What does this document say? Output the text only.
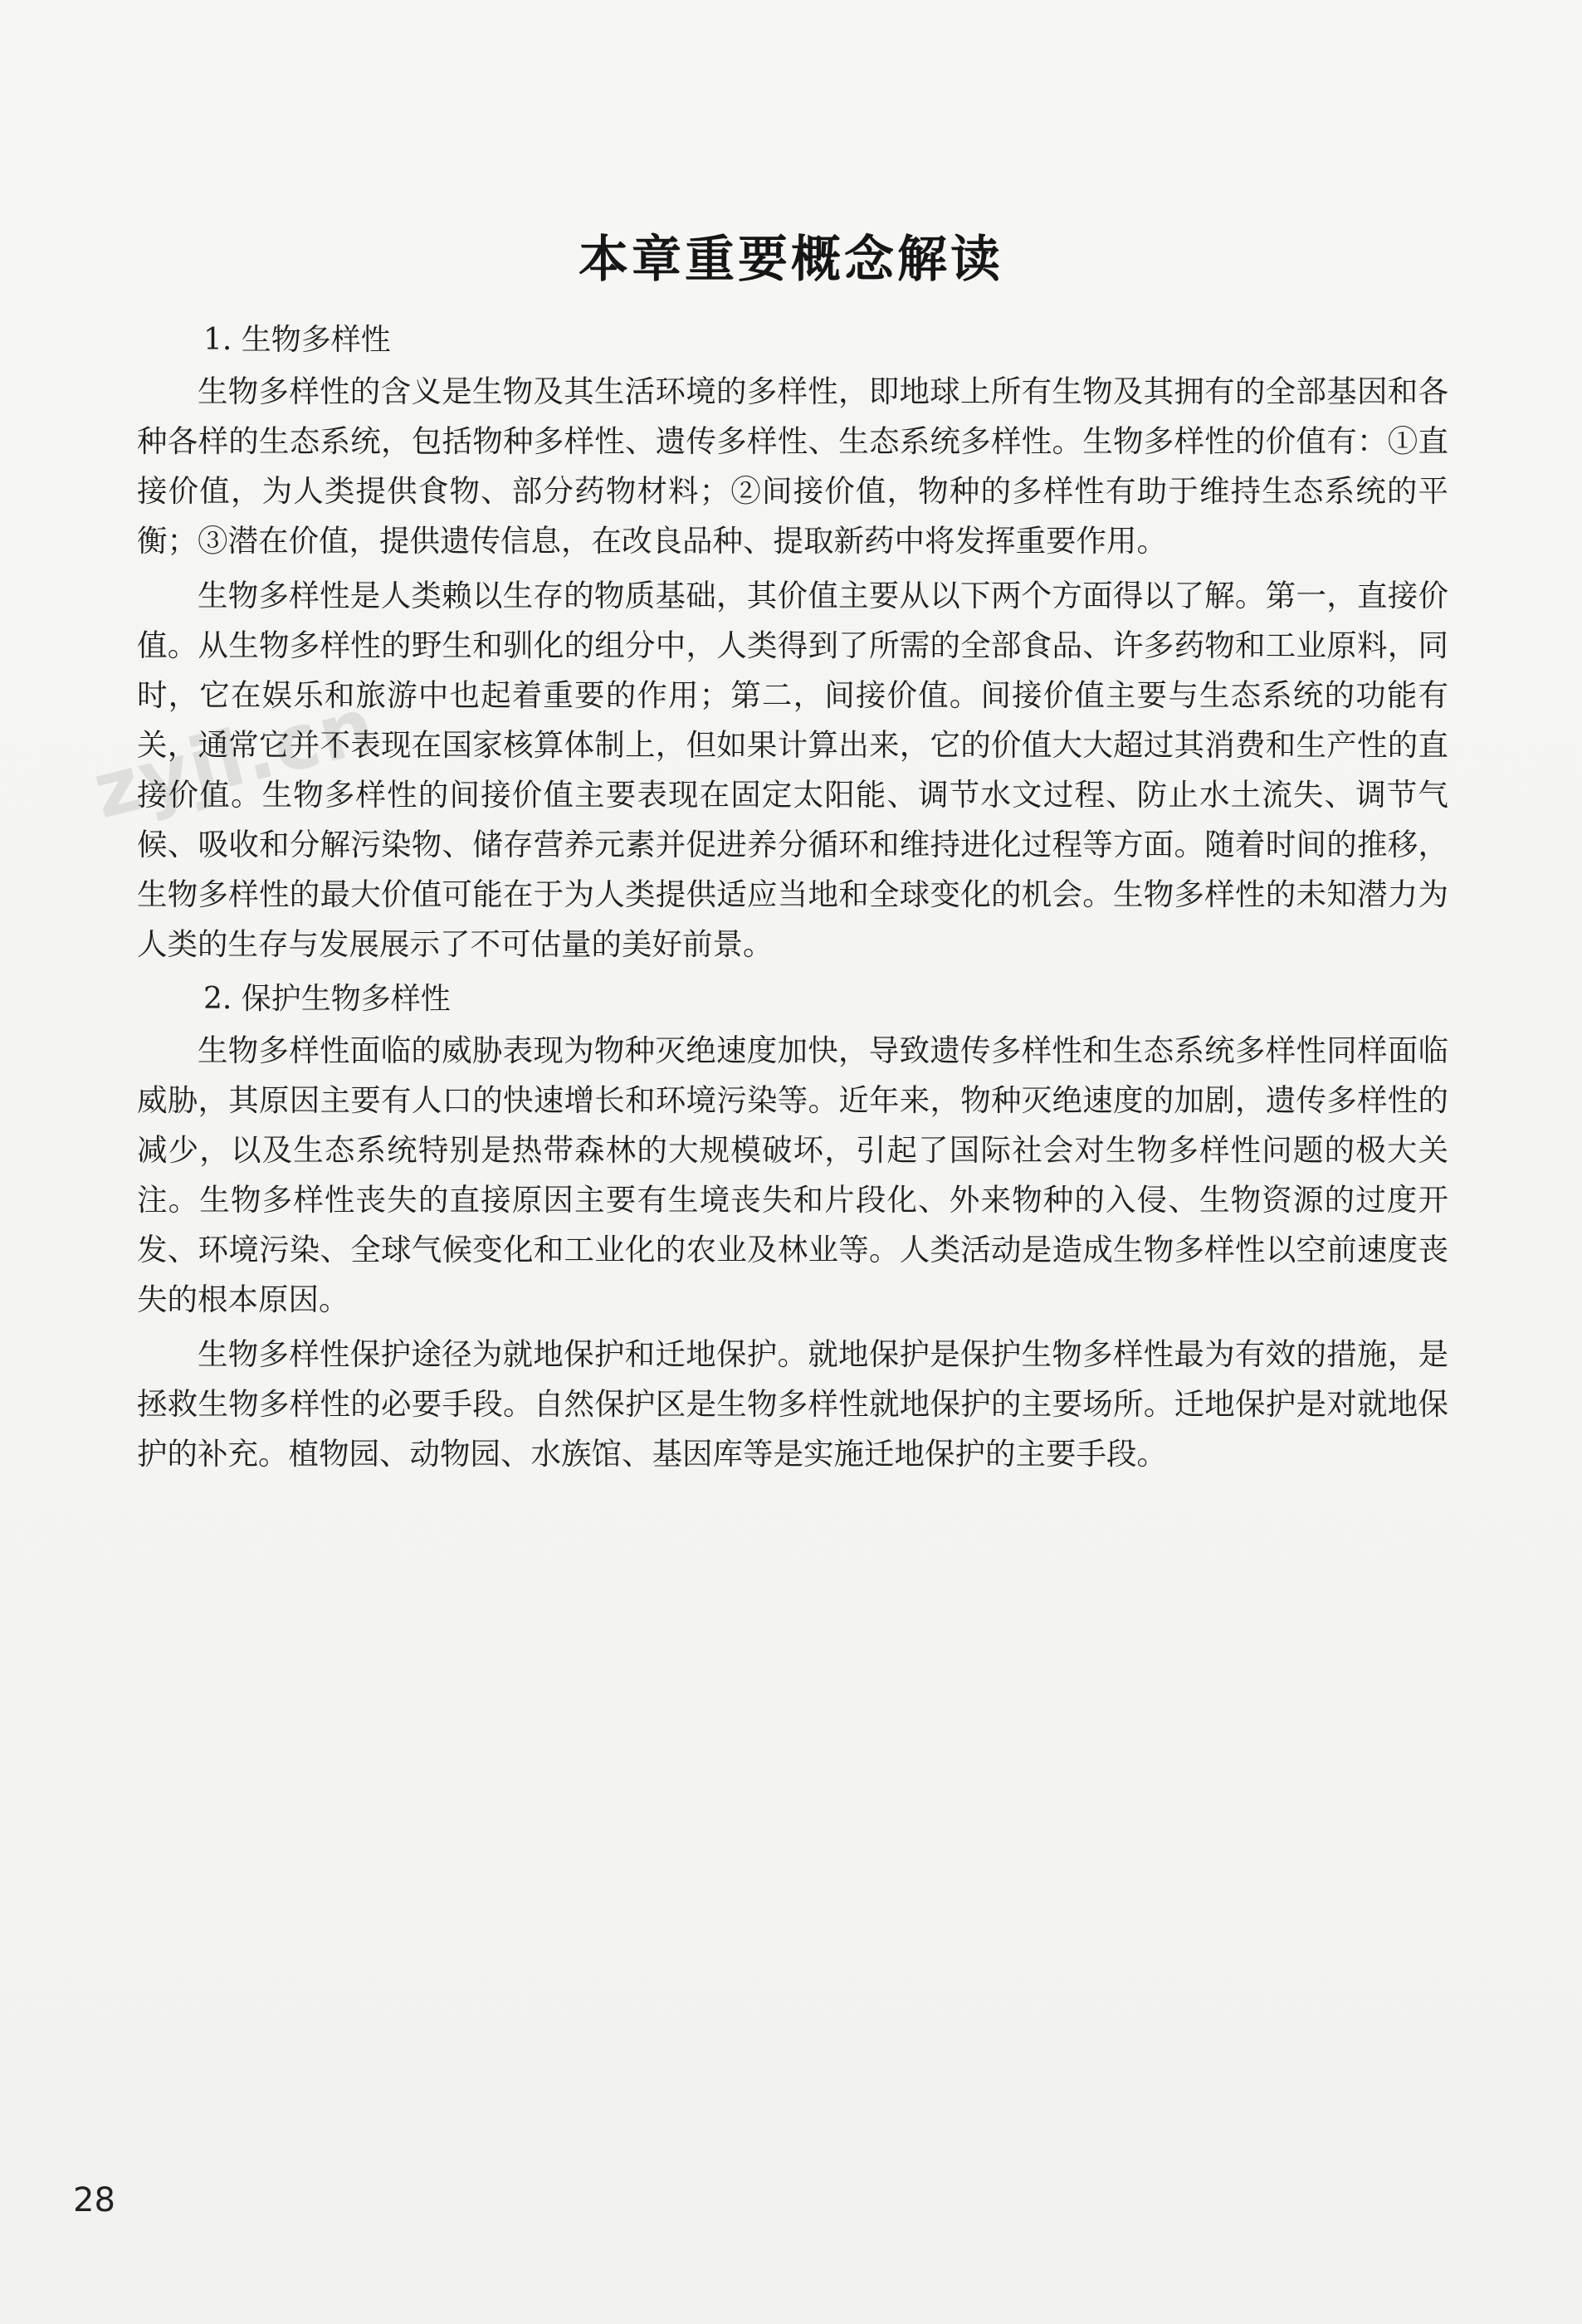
zyjl.cn
本章重要概念解读
1. 生物多样性

生物多样性的含义是生物及其生活环境的多样性，即地球上所有生物及其拥有的全部基因和各种各样的生态系统，包括物种多样性、遗传多样性、生态系统多样性。生物多样性的价值有：①直接价值，为人类提供食物、部分药物材料；②间接价值，物种的多样性有助于维持生态系统的平衡；③潜在价值，提供遗传信息，在改良品种、提取新药中将发挥重要作用。

生物多样性是人类赖以生存的物质基础，其价值主要从以下两个方面得以了解。第一，直接价值。从生物多样性的野生和驯化的组分中，人类得到了所需的全部食品、许多药物和工业原料，同时，它在娱乐和旅游中也起着重要的作用；第二，间接价值。间接价值主要与生态系统的功能有关，通常它并不表现在国家核算体制上，但如果计算出来，它的价值大大超过其消费和生产性的直接价值。生物多样性的间接价值主要表现在固定太阳能、调节水文过程、防止水土流失、调节气候、吸收和分解污染物、储存营养元素并促进养分循环和维持进化过程等方面。随着时间的推移，生物多样性的最大价值可能在于为人类提供适应当地和全球变化的机会。生物多样性的未知潜力为人类的生存与发展展示了不可估量的美好前景。

2. 保护生物多样性

生物多样性面临的威胁表现为物种灭绝速度加快，导致遗传多样性和生态系统多样性同样面临威胁，其原因主要有人口的快速增长和环境污染等。近年来，物种灭绝速度的加剧，遗传多样性的减少，以及生态系统特别是热带森林的大规模破坏，引起了国际社会对生物多样性问题的极大关注。生物多样性丧失的直接原因主要有生境丧失和片段化、外来物种的入侵、生物资源的过度开发、环境污染、全球气候变化和工业化的农业及林业等。人类活动是造成生物多样性以空前速度丧失的根本原因。

生物多样性保护途径为就地保护和迁地保护。就地保护是保护生物多样性最为有效的措施，是拯救生物多样性的必要手段。自然保护区是生物多样性就地保护的主要场所。迁地保护是对就地保护的补充。植物园、动物园、水族馆、基因库等是实施迁地保护的主要手段。

28
